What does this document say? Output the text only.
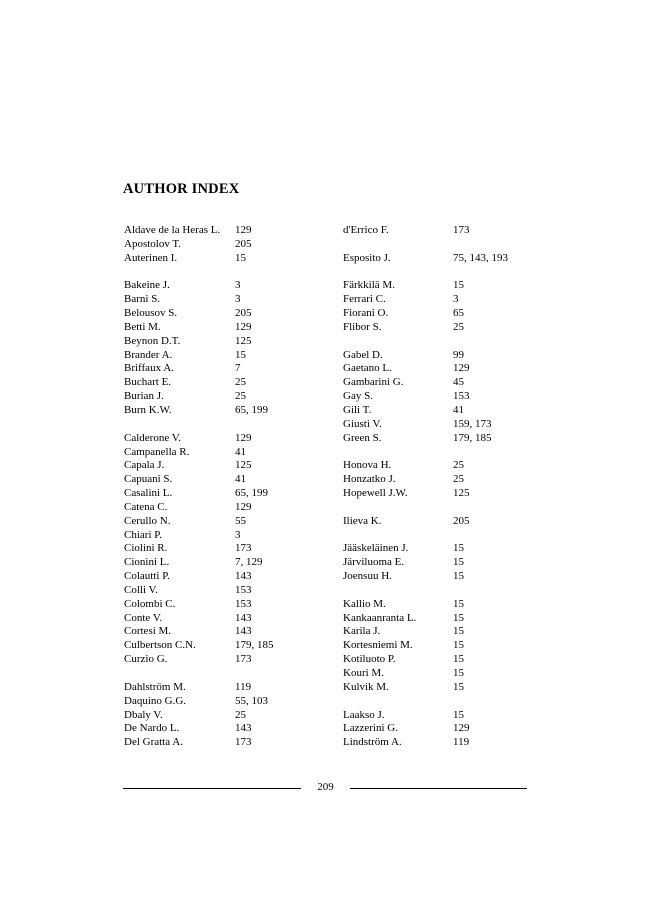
AUTHOR INDEX
Aldave de la Heras L. 129
Apostolov T.	205
Auterinen I.	15
Bakeine J.	3
Barni S.	3
Belousov S.	205
Betti M.	129
Beynon D.T.	125
Brander A.	15
Briffaux A.	7
Buchart E.	25
Burian J.	25
Burn K.W.	65, 199
Calderone V.	129
Campanella R.	41
Capala J.	125
Capuani S.	41
Casalini L.	65, 199
Catena C.	129
Cerullo N.	55
Chiari P.	3
Ciolini R.	173
Cionini L.	7, 129
Colautti P.	143
Colli V.	153
Colombi C.	153
Conte V.	143
Cortesi M.	143
Culbertson C.N.	179, 185
Curzio G.	173
Dahlström M.	119
Daquino G.G.	55, 103
Dbaly V.	25
De Nardo L.	143
Del Gratta A.	173
d'Errico F.	173
Esposito J.	75, 143, 193
Färkkilä M.	15
Ferrari C.	3
Fiorani O.	65
Flibor S.	25
Gabel D.	99
Gaetano L.	129
Gambarini G.	45
Gay S.	153
Gili T.	41
Giusti V.	159, 173
Green S.	179, 185
Honova H.	25
Honzatko J.	25
Hopewell J.W.	125
Ilieva K.	205
Jääskeläinen J.	15
Järviluoma E.	15
Joensuu H.	15
Kallio M.	15
Kankaanranta L.	15
Karila J.	15
Kortesniemi M.	15
Kotiluoto P.	15
Kouri M.	15
Kulvik M.	15
Laakso J.	15
Lazzerini G.	129
Lindström A.	119
209
